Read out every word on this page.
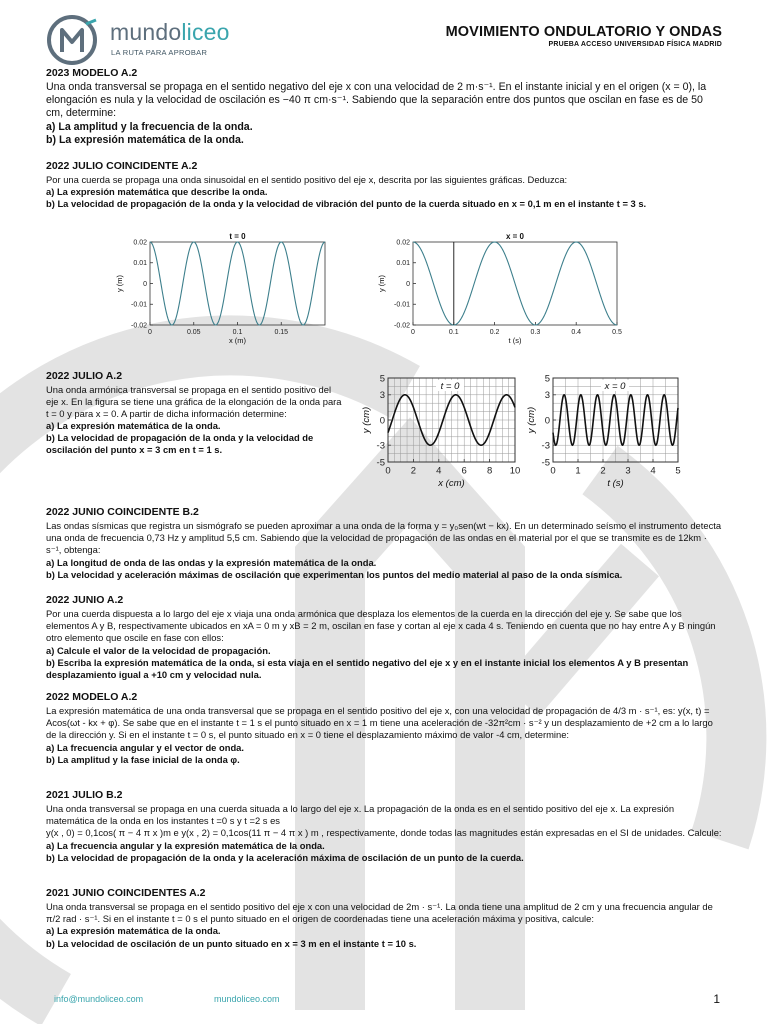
mundoliceo
LA RUTA PARA APROBAR
MOVIMIENTO ONDULATORIO Y ONDAS
PRUEBA ACCESO UNIVERSIDAD FÍSICA MADRID
2023 MODELO A.2

Una onda transversal se propaga en el sentido negativo del eje x con una velocidad de 2 m·s⁻¹. En el instante inicial y en el origen (x = 0), la elongación es nula y la velocidad de oscilación es −40 π cm·s⁻¹. Sabiendo que la separación entre dos puntos que oscilan en fase es de 50 cm, determine:

a) La amplitud y la frecuencia de la onda.

b) La expresión matemática de la onda.

2022 JULIO COINCIDENTE A.2

Por una cuerda se propaga una onda sinusoidal en el sentido positivo del eje x, descrita por las siguientes gráficas. Deduzca:

a) La expresión matemática que describe la onda.

b) La velocidad de propagación de la onda y la velocidad de vibración del punto de la cuerda situado en x = 0,1 m en el instante t = 3 s.

0	0.05	0.1	0.15
0.02
0.01
0
-0.01
-0.02
t = 0
x (m)
y (m)
0	0.1	0.2	0.3	0.4	0.5
0.02
0.01
0
-0.01
-0.02
x = 0
t (s)
y (m)
2022 JULIO A.2

Una onda armónica transversal se propaga en el sentido positivo del eje x. En la figura se tiene una gráfica de la elongación de la onda para t = 0 y para x = 0. A partir de dicha información determine:

a) La expresión matemática de la onda.

b) La velocidad de propagación de la onda y la velocidad de oscilación del punto x = 3 cm en t = 1 s.

0 2 4 6 8 10
5
3
0
-3
-5
t = 0
x (cm)
y (cm)
0 1 2 3 4 5
5
3
0
-3
-5
x = 0
t (s)
y (cm)
2022 JUNIO COINCIDENTE B.2

Las ondas sísmicas que registra un sismógrafo se pueden aproximar a una onda de la forma y = y₀sen(wt − kx). En un determinado seísmo el instrumento detecta una onda de frecuencia 0,73 Hz y amplitud 5,5 cm. Sabiendo que la velocidad de propagación de las ondas en el material por el que se transmite es de 12km · s⁻¹, obtenga:

a) La longitud de onda de las ondas y la expresión matemática de la onda.

b) La velocidad y aceleración máximas de oscilación que experimentan los puntos del medio material al paso de la onda sísmica.

2022 JUNIO A.2

Por una cuerda dispuesta a lo largo del eje x viaja una onda armónica que desplaza los elementos de la cuerda en la dirección del eje y. Se sabe que los elementos A y B, respectivamente ubicados en xA = 0 m y xB = 2 m, oscilan en fase y cortan al eje x cada 4 s. Teniendo en cuenta que no hay entre A y B ningún otro elemento que oscile en fase con ellos:

a) Calcule el valor de la velocidad de propagación.

b) Escriba la expresión matemática de la onda, si esta viaja en el sentido negativo del eje x y en el instante inicial los elementos A y B presentan desplazamiento igual a +10 cm y velocidad nula.

2022 MODELO A.2

La expresión matemática de una onda transversal que se propaga en el sentido positivo del eje x, con una velocidad de propagación de 4/3 m · s⁻¹, es: y(x, t) = Acos(ωt - kx + φ). Se sabe que en el instante t = 1 s el punto situado en x = 1 m tiene una aceleración de -32π²cm · s⁻² y un desplazamiento de +2 cm a lo largo de la dirección y. Si en el instante t = 0 s, el punto situado en x = 0 tiene el desplazamiento máximo de valor -4 cm, determine:

a) La frecuencia angular y el vector de onda.

b) La amplitud y la fase inicial de la onda φ.

2021 JULIO B.2

Una onda transversal se propaga en una cuerda situada a lo largo del eje x. La propagación de la onda es en el sentido positivo del eje x. La expresión matemática de la onda en los instantes t =0 s y t =2 s es

y(x , 0) = 0,1cos( π − 4 π x )m e y(x , 2) = 0,1cos(11 π − 4 π x ) m , respectivamente, donde todas las magnitudes están expresadas en el SI de unidades. Calcule:

a) La frecuencia angular y la expresión matemática de la onda.

b) La velocidad de propagación de la onda y la aceleración máxima de oscilación de un punto de la cuerda.

2021 JUNIO COINCIDENTES A.2

Una onda transversal se propaga en el sentido positivo del eje x con una velocidad de 2m · s⁻¹. La onda tiene una amplitud de 2 cm y una frecuencia angular de π/2 rad · s⁻¹. Si en el instante t = 0 s el punto situado en el origen de coordenadas tiene una aceleración máxima y positiva, calcule:

a) La expresión matemática de la onda.

b) La velocidad de oscilación de un punto situado en x = 3 m en el instante t = 10 s.

info@mundoliceo.com	mundoliceo.com	1
